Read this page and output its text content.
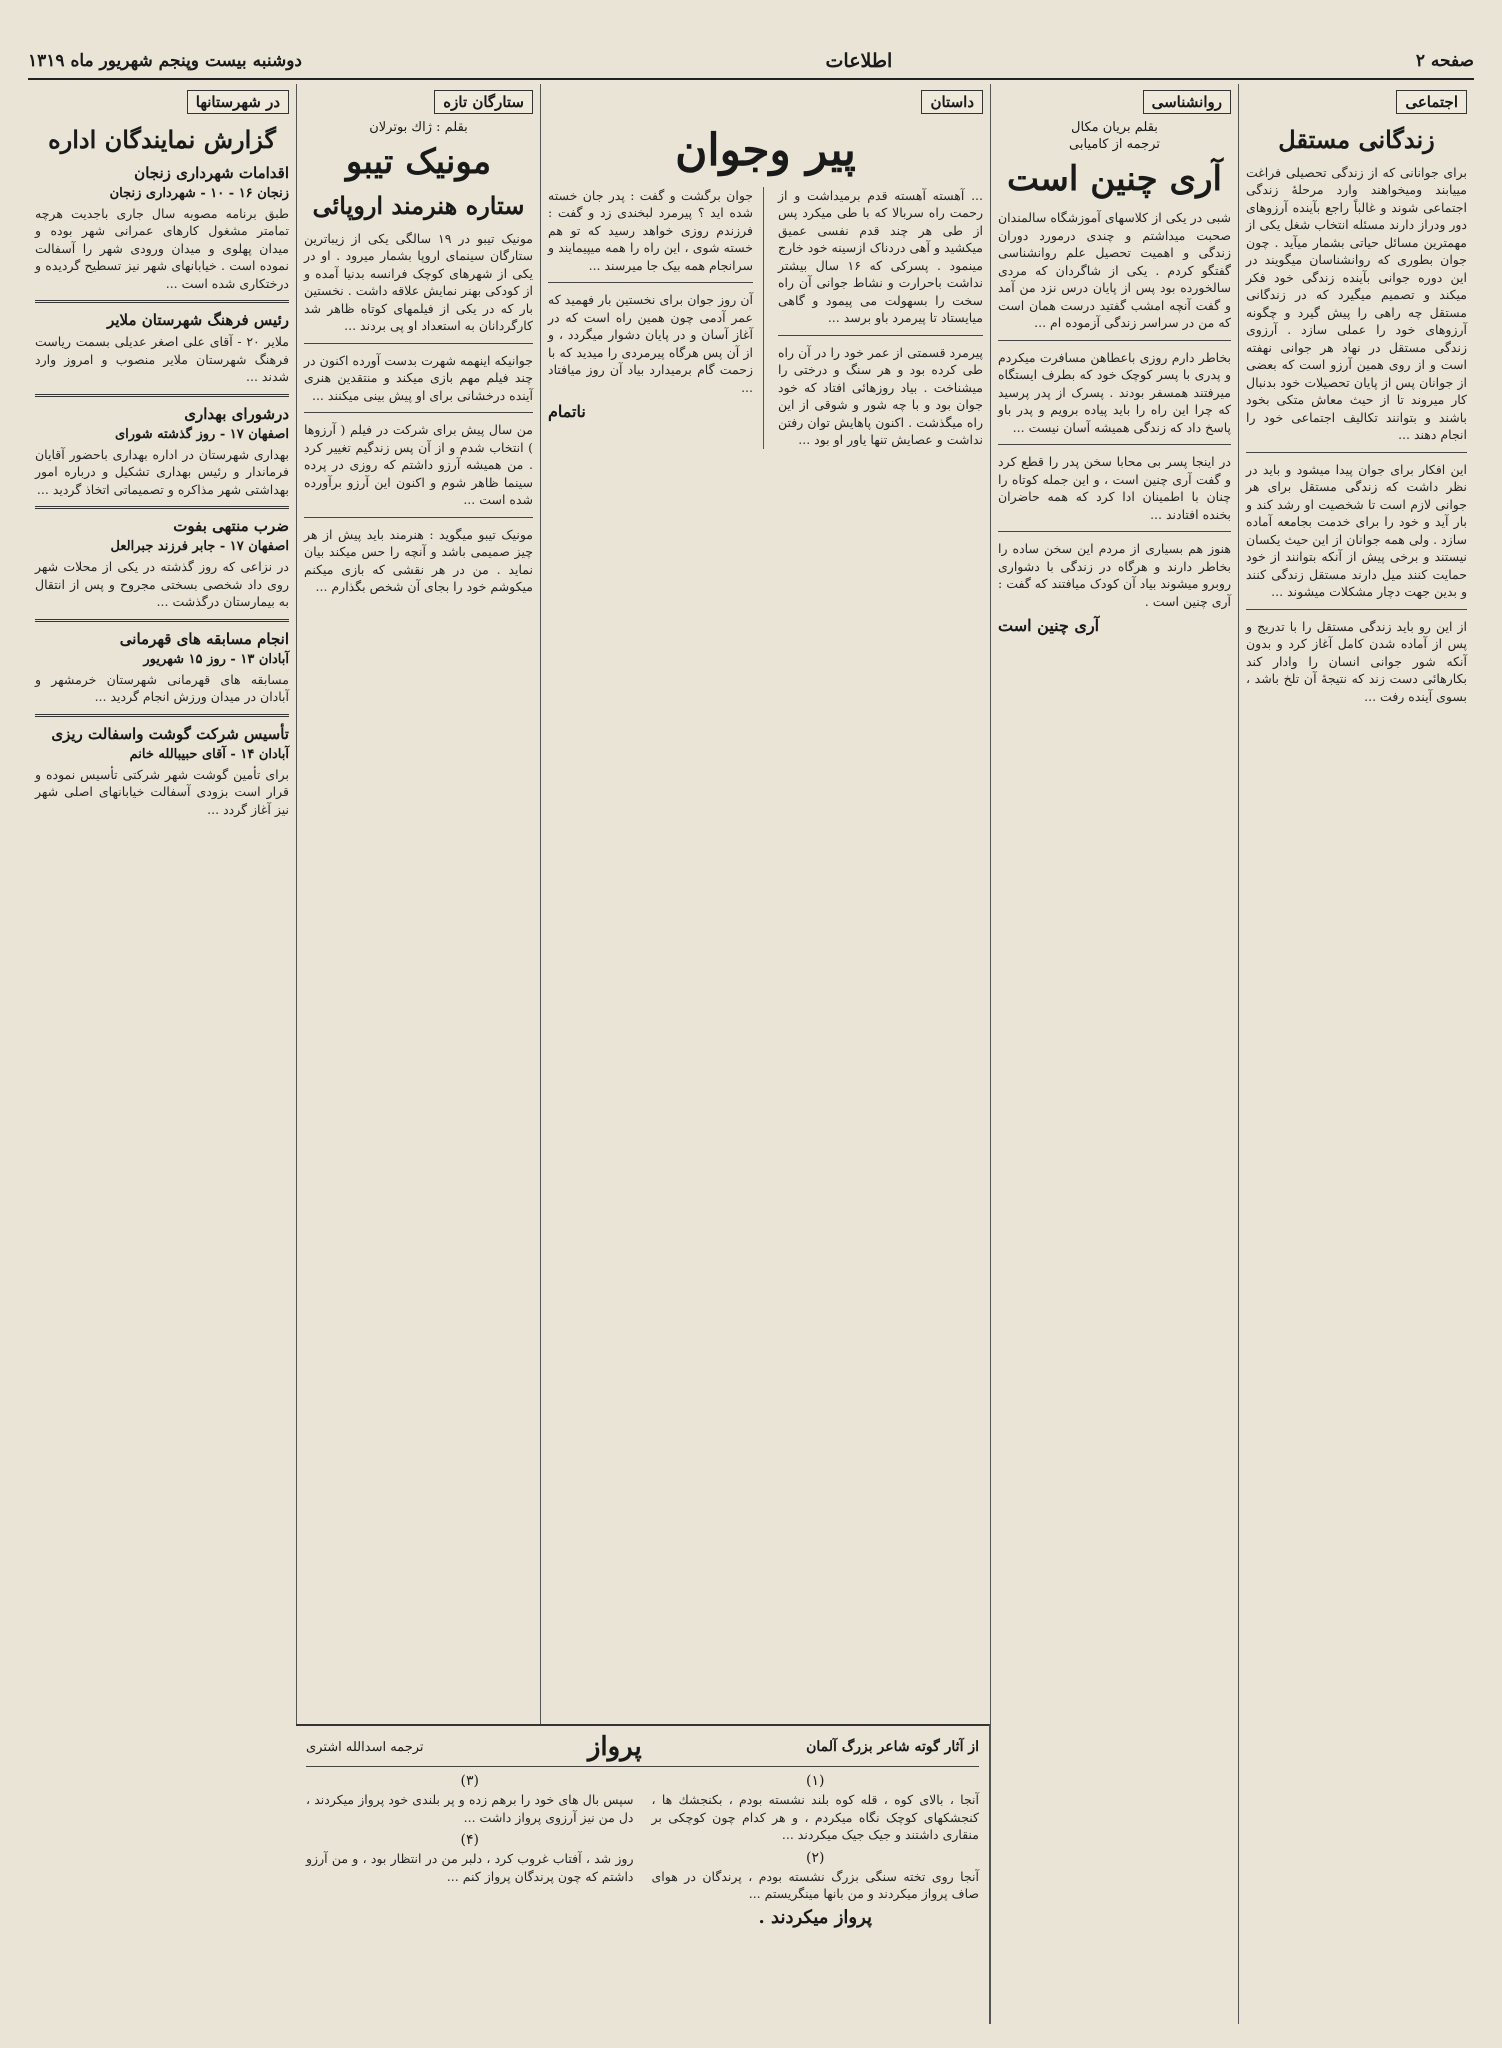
صفحه ۲
اطلاعات
دوشنبه بیست وپنجم شهریور ماه ۱۳۱۹
اجتماعی
زندگانی مستقل
برای جوانانی که از زندگی تحصیلی فراغت مییابند ومیخواهند وارد مرحلۀ زندگی اجتماعی شوند و غالباً راجع بآینده آرزوهای دور ودراز دارند مسئله انتخاب شغل یکی از مهمترین مسائل حیاتی بشمار میآید . چون جوان بطوری که روانشناسان میگویند در این دوره جوانی بآینده زندگی خود فکر میکند و تصمیم میگیرد که در زندگانی مستقل چه راهی را پیش گیرد و چگونه آرزوهای خود را عملی سازد . آرزوی زندگی مستقل در نهاد هر جوانی نهفته است و از روی همین آرزو است که بعضی از جوانان پس از پایان تحصیلات خود بدنبال کار میروند تا از حیث معاش متکی بخود باشند و بتوانند تکالیف اجتماعی خود را انجام دهند ...
این افکار برای جوان پیدا میشود و باید در نظر داشت که زندگی مستقل برای هر جوانی لازم است تا شخصیت او رشد کند و بار آید و خود را برای خدمت بجامعه آماده سازد . ولی همه جوانان از این حیث یکسان نیستند و برخی پیش از آنکه بتوانند از خود حمایت کنند میل دارند مستقل زندگی کنند و بدین جهت دچار مشکلات میشوند ...
از این رو باید زندگی مستقل را با تدریج و پس از آماده شدن کامل آغاز کرد و بدون آنکه شور جوانی انسان را وادار کند بکارهائی دست زند که نتیجۀ آن تلخ باشد ، بسوی آینده رفت ...
روانشناسی
بقلم بریان مکال
ترجمه از کامیابی
آری چنین است
شبی در یکی از کلاسهای آموزشگاه سالمندان صحبت میداشتم و چندی درمورد دوران زندگی و اهمیت تحصیل علم روانشناسی گفتگو کردم . یکی از شاگردان که مردی سالخورده بود پس از پایان درس نزد من آمد و گفت آنچه امشب گفتید درست همان است که من در سراسر زندگی آزموده ام ...
بخاطر دارم روزی باعطاهن مسافرت میکردم و پدری با پسر کوچک خود که بطرف ایستگاه میرفتند همسفر بودند . پسرک از پدر پرسید که چرا این راه را باید پیاده برویم و پدر باو پاسخ داد که زندگی همیشه آسان نیست ...
در اینجا پسر بی محابا سخن پدر را قطع کرد و گفت آری چنین است ، و این جمله کوتاه را چنان با اطمینان ادا کرد که همه حاضران بخنده افتادند ...
هنوز هم بسیاری از مردم این سخن ساده را بخاطر دارند و هرگاه در زندگی با دشواری روبرو میشوند بیاد آن کودک میافتند که گفت : آری چنین است .
آری چنین است
داستان
پیر وجوان
... آهسته آهسته قدم برمیداشت و از رحمت راه سربالا که با طی میکرد پس از طی هر چند قدم نفسی عمیق میکشید و آهی دردناک ازسینه خود خارج مینمود . پسرکی که ۱۶ سال بیشتر نداشت باحرارت و نشاط جوانی آن راه سخت را بسهولت می پیمود و گاهی میایستاد تا پیرمرد باو برسد ...
پیرمرد قسمتی از عمر خود را در آن راه طی کرده بود و هر سنگ و درختی را میشناخت . بیاد روزهائی افتاد که خود جوان بود و با چه شور و شوقی از این راه میگذشت . اکنون پاهایش توان رفتن نداشت و عصایش تنها یاور او بود ...
جوان برگشت و گفت : پدر جان خسته شده اید ؟ پیرمرد لبخندی زد و گفت : فرزندم روزی خواهد رسید که تو هم خسته شوی ، این راه را همه میپیمایند و سرانجام همه بیک جا میرسند ...
آن روز جوان برای نخستین بار فهمید که عمر آدمی چون همین راه است که در آغاز آسان و در پایان دشوار میگردد ، و از آن پس هرگاه پیرمردی را میدید که با زحمت گام برمیدارد بیاد آن روز میافتاد ...
ناتمام
ستارگان تازه
بقلم : ژاك بوترلان
مونیک تیبو
ستاره هنرمند اروپائی
مونیک تیبو در ۱۹ سالگی یکی از زیباترین ستارگان سینمای اروپا بشمار میرود . او در یکی از شهرهای کوچک فرانسه بدنیا آمده و از کودکی بهنر نمایش علاقه داشت . نخستین بار که در یکی از فیلمهای کوتاه ظاهر شد کارگردانان به استعداد او پی بردند ...
جوانیکه اینهمه شهرت بدست آورده اکنون در چند فیلم مهم بازی میکند و منتقدین هنری آینده درخشانی برای او پیش بینی میکنند ...
من سال پیش برای شرکت در فیلم ( آرزوها ) انتخاب شدم و از آن پس زندگیم تغییر کرد . من همیشه آرزو داشتم که روزی در پرده سینما ظاهر شوم و اکنون این آرزو برآورده شده است ...
مونیک تیبو میگوید : هنرمند باید پیش از هر چیز صمیمی باشد و آنچه را حس میکند بیان نماید . من در هر نقشی که بازی میکنم میکوشم خود را بجای آن شخص بگذارم ...
در شهرستانها
گزارش نمایندگان اداره
اقدامات شهرداری زنجان
زنجان ۱۶ - ۱۰ - شهرداری زنجان
طبق برنامه مصوبه سال جاری باجدیت هرچه تمامتر مشغول کارهای عمرانی شهر بوده و میدان پهلوی و میدان ورودی شهر را آسفالت نموده است . خیابانهای شهر نیز تسطیح گردیده و درختکاری شده است ...
رئیس فرهنگ شهرستان ملایر
ملایر ۲۰ - آقای علی اصغر عدیلی بسمت ریاست فرهنگ شهرستان ملایر منصوب و امروز وارد شدند ...
درشورای بهداری
اصفهان ۱۷ - روز گذشته شورای
بهداری شهرستان در اداره بهداری باحضور آقایان فرماندار و رئیس بهداری تشکیل و درباره امور بهداشتی شهر مذاکره و تصمیماتی اتخاذ گردید ...
ضرب منتهی بفوت
اصفهان ۱۷ - جابر فرزند جبرالعل
در نزاعی که روز گذشته در یکی از محلات شهر روی داد شخصی بسختی مجروح و پس از انتقال به بیمارستان درگذشت ...
انجام مسابقه های قهرمانی
آبادان ۱۳ - روز ۱۵ شهریور
مسابقه های قهرمانی شهرستان خرمشهر و آبادان در میدان ورزش انجام گردید ...
تأسیس شرکت گوشت واسفالت ریزی
آبادان ۱۴ - آقای حبیبالله خانم
برای تأمین گوشت شهر شرکتی تأسیس نموده و قرار است بزودی آسفالت خیابانهای اصلی شهر نیز آغاز گردد ...
از آثار گوته شاعر بزرگ آلمان
پرواز
ترجمه اسدالله اشتری
(۱)
آنجا ، بالای کوه ، قله کوه بلند نشسته بودم ، بکنجشك ها ، کنجشکهای کوچک نگاه میکردم ، و هر کدام چون کوچکی بر منقاری داشتند و جیک جیک میکردند ...
(۲)
آنجا روی تخته سنگی بزرگ نشسته بودم ، پرندگان در هوای صاف پرواز میکردند و من بانها مینگریستم ...
پرواز میکردند .
(۳)
سپس بال های خود را برهم زده و پر بلندی خود پرواز میکردند ، دل من نیز آرزوی پرواز داشت ...
(۴)
روز شد ، آفتاب غروب کرد ، دلبر من در انتظار بود ، و من آرزو داشتم که چون پرندگان پرواز کنم ...
